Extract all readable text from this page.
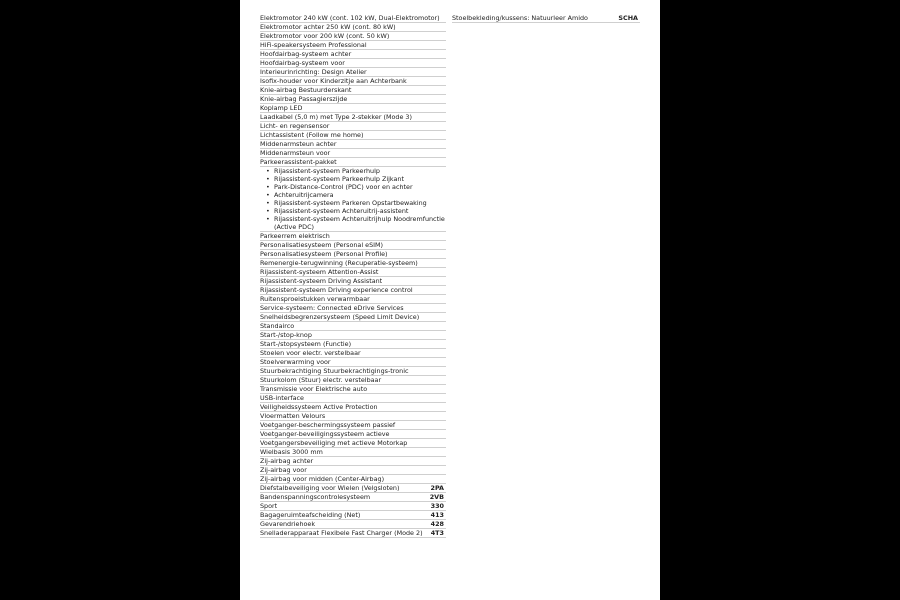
Elektromotor 240 kW (cont. 102 kW, Dual-Elektromotor)
Elektromotor achter 250 kW (cont. 80 kW)
Elektromotor voor 200 kW (cont. 50 kW)
HiFi-speakersysteem Professional
Hoofdairbag-systeem achter
Hoofdairbag-systeem voor
Interieurinrichting: Design Atelier
Isofix-houder voor Kinderzitje aan Achterbank
Knie-airbag Bestuurderskant
Knie-airbag Passagierszijde
Koplamp LED
Laadkabel (5,0 m) met Type 2-stekker (Mode 3)
Licht- en regensensor
Lichtassistent (Follow me home)
Middenarmsteun achter
Middenarmsteun voor
Parkeerassistent-pakket
• Rijassistent-systeem Parkeerhulp
• Rijassistent-systeem Parkeerhulp Zijkant
• Park-Distance-Control (PDC) voor en achter
• Achteruitrijcamera
• Rijassistent-systeem Parkeren Opstartbewaking
• Rijassistent-systeem Achteruitrij-assistent
• Rijassistent-systeem Achteruitrijhulp Noodremfunctie (Active PDC)
Parkeerrem elektrisch
Personalisatiesysteem (Personal eSIM)
Personalisatiesysteem (Personal Profile)
Remenergie-terugwinning (Recuperatie-systeem)
Rijassistent-systeem Attention-Assist
Rijassistent-systeem Driving Assistant
Rijassistent-systeem Driving experience control
Ruitensproeistukken verwarmbaar
Service-systeem: Connected eDrive Services
Snelheidsbegrenzersysteem (Speed Limit Device)
Standairco
Start-/stop-knop
Start-/stopsysteem (Functie)
Stoelen voor electr. verstelbaar
Stoelverwarming voor
Stuurbekrachtiging Stuurbekrachtigings-tronic
Stuurkolom (Stuur) electr. verstelbaar
Transmissie voor Elektrische auto
USB-interface
Veiligheidssysteem Active Protection
Vloermatten Velours
Voetganger-beschermingssysteem passief
Voetganger-beveiligingssysteem actieve
Voetgangersbeveiliging met actieve Motorkap
Wielbasis 3000 mm
Zij-airbag achter
Zij-airbag voor
Zij-airbag voor midden (Center-Airbag)
Diefstalbeveiliging voor Wielen (Velgsloten)	2PA
Bandenspanningscontrolesysteem	2VB
Sport	330
Bagageruimteafscheiding (Net)	413
Gevarendriehoek	428
Snelladerapparaat Flexibele Fast Charger (Mode 2) 4T3
Stoelbekleding/kussens: Natuurleer Amido	SCHA
